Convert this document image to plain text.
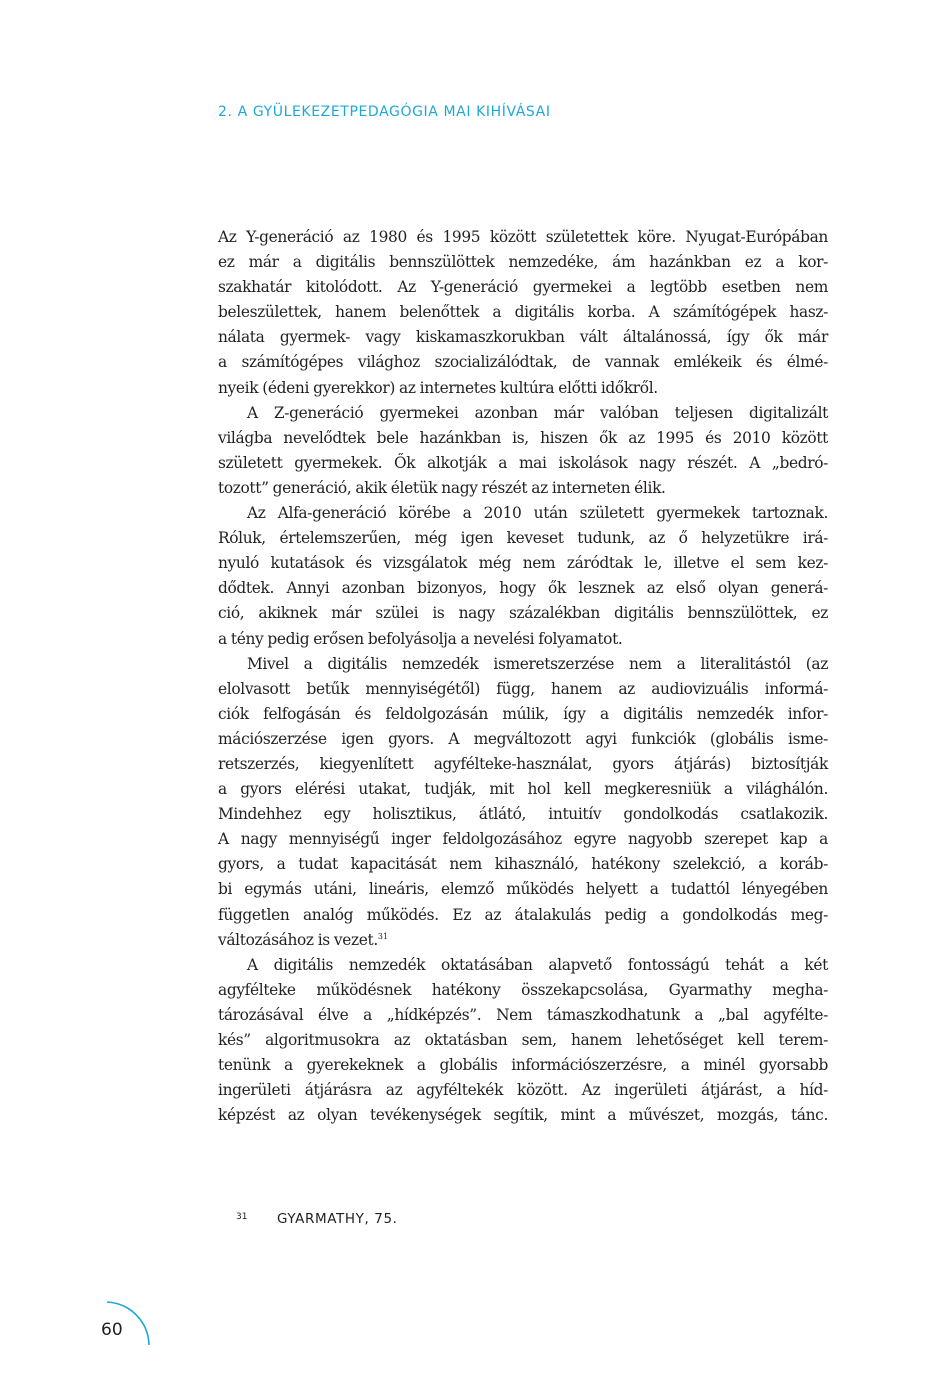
2. A GYÜLEKEZETPEDAGÓGIA MAI KIHÍVÁSAI

Az Y-generáció az 1980 és 1995 között születettek köre. Nyugat-Európában
ez már a digitális bennszülöttek nemzedéke, ám hazánkban ez a kor-
szakhatár kitolódott. Az Y-generáció gyermekei a legtöbb esetben nem
beleszülettek, hanem belenőttek a digitális korba. A számítógépek hasz-
nálata gyermek- vagy kiskamaszkorukban vált általánossá, így ők már
a számítógépes világhoz szocializálódtak, de vannak emlékeik és élmé-
nyeik (édeni gyerekkor) az internetes kultúra előtti időkről.

A Z-generáció gyermekei azonban már valóban teljesen digitalizált
világba nevelődtek bele hazánkban is, hiszen ők az 1995 és 2010 között
született gyermekek. Ők alkotják a mai iskolások nagy részét. A „bedró-
tozott” generáció, akik életük nagy részét az interneten élik.

Az Alfa-generáció körébe a 2010 után született gyermekek tartoznak.
Róluk, értelemszerűen, még igen keveset tudunk, az ő helyzetükre irá-
nyuló kutatások és vizsgálatok még nem záródtak le, illetve el sem kez-
dődtek. Annyi azonban bizonyos, hogy ők lesznek az első olyan generá-
ció, akiknek már szülei is nagy százalékban digitális bennszülöttek, ez
a tény pedig erősen befolyásolja a nevelési folyamatot.

Mivel a digitális nemzedék ismeretszerzése nem a literalitástól (az
elolvasott betűk mennyiségétől) függ, hanem az audiovizuális informá-
ciók felfogásán és feldolgozásán múlik, így a digitális nemzedék infor-
mációszerzése igen gyors. A megváltozott agyi funkciók (globális isme-
retszerzés, kiegyenlített agyfélteke-használat, gyors átjárás) biztosítják
a gyors elérési utakat, tudják, mit hol kell megkeresniük a világhálón.
Mindehhez egy holisztikus, átlátó, intuitív gondolkodás csatlakozik.
A nagy mennyiségű inger feldolgozásához egyre nagyobb szerepet kap a
gyors, a tudat kapacitását nem kihasználó, hatékony szelekció, a koráb-
bi egymás utáni, lineáris, elemző működés helyett a tudattól lényegében
független analóg működés. Ez az átalakulás pedig a gondolkodás meg-
változásához is vezet.$^{31}$

A digitális nemzedék oktatásában alapvető fontosságú tehát a két
agyfélteke működésnek hatékony összekapcsolása, Gyarmathy megha-
tározásával élve a „hídképzés”. Nem támaszkodhatunk a „bal agyfélte-
kés” algoritmusokra az oktatásban sem, hanem lehetőséget kell terem-
tenünk a gyerekeknek a globális információszerzésre, a minél gyorsabb
ingerületi átjárásra az agyféltekék között. Az ingerületi átjárást, a híd-
képzést az olyan tevékenységek segítik, mint a művészet, mozgás, tánc.

31 GYARMATHY, 75.
60
